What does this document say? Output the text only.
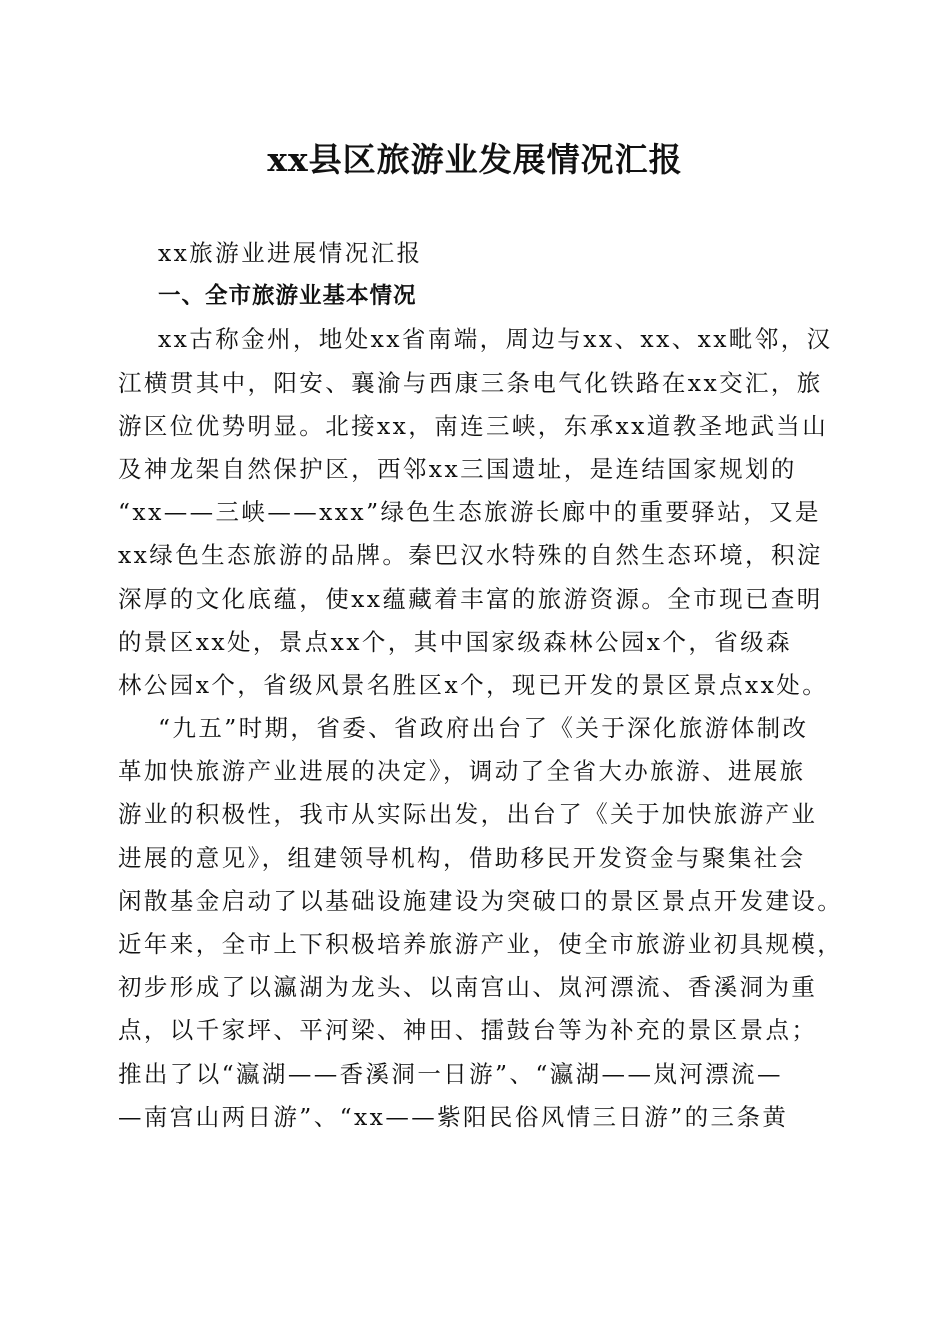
xx县区旅游业发展情况汇报
xx旅游业进展情况汇报
一、全市旅游业基本情况
xx古称金州，地处xx省南端，周边与xx、xx、xx毗邻，汉
江横贯其中，阳安、襄渝与西康三条电气化铁路在xx交汇，旅
游区位优势明显。北接xx，南连三峡，东承xx道教圣地武当山
及神龙架自然保护区，西邻xx三国遗址，是连结国家规划的
“xx——三峡——xxx”绿色生态旅游长廊中的重要驿站，又是
xx绿色生态旅游的品牌。秦巴汉水特殊的自然生态环境，积淀
深厚的文化底蕴，使xx蕴藏着丰富的旅游资源。全市现已查明
的景区xx处，景点xx个，其中国家级森林公园x个，省级森
林公园x个，省级风景名胜区x个，现已开发的景区景点xx处。
“九五”时期，省委、省政府出台了《关于深化旅游体制改
革加快旅游产业进展的决定》，调动了全省大办旅游、进展旅
游业的积极性，我市从实际出发，出台了《关于加快旅游产业
进展的意见》，组建领导机构，借助移民开发资金与聚集社会
闲散基金启动了以基础设施建设为突破口的景区景点开发建设。
近年来，全市上下积极培养旅游产业，使全市旅游业初具规模，
初步形成了以瀛湖为龙头、以南宫山、岚河漂流、香溪洞为重
点，以千家坪、平河梁、神田、擂鼓台等为补充的景区景点；
推出了以“瀛湖——香溪洞一日游”、“瀛湖——岚河漂流—
—南宫山两日游”、“xx——紫阳民俗风情三日游”的三条黄
